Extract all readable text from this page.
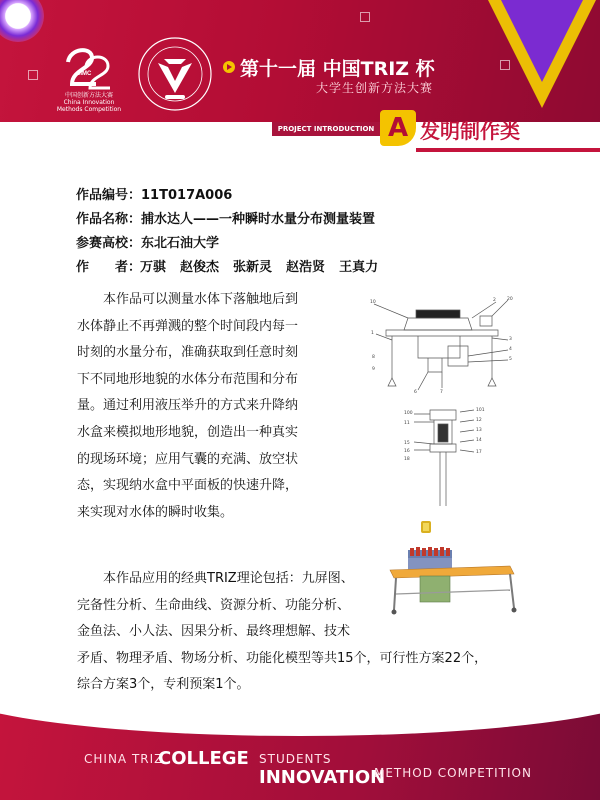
CIMC
中国创新方法大赛
China Innovation Methods Competition
第十一届 中国TRIZ 杯
大学生创新方法大赛
PROJECT INTRODUCTION A 发明制作类
作品编号：11T017A006
作品名称：捕水达人——一种瞬时水量分布测量装置
参赛高校：东北石油大学
作　　者：万骐 赵俊杰 张新灵 赵浩贤 王真力
　　本作品可以测量水体下落触地后到
水体静止不再弹溅的整个时间段内每一
时刻的水量分布，准确获取到任意时刻
下不同地形地貌的水体分布范围和分布
量。通过利用液压举升的方式来升降纳
水盒来模拟地形地貌，创造出一种真实
的现场环境；应用气囊的充满、放空状
态，实现纳水盒中平面板的快速升降，
来实现对水体的瞬时收集。
　　本作品应用的经典TRIZ理论包括：九屏图、
完备性分析、生命曲线、资源分析、功能分析、
金鱼法、小人法、因果分析、最终理想解、技术
矛盾、物理矛盾、物场分析、功能化模型等共15个，可行性方案22个，
综合方案3个，专利预案1个。
10	2 20
1
3
4
5
6	7
8
9
100
101
11
12
13
14
15
16	17
18
CHINA TRIZ
COLLEGE STUDENTS
INNOVATION
METHOD COMPETITION
